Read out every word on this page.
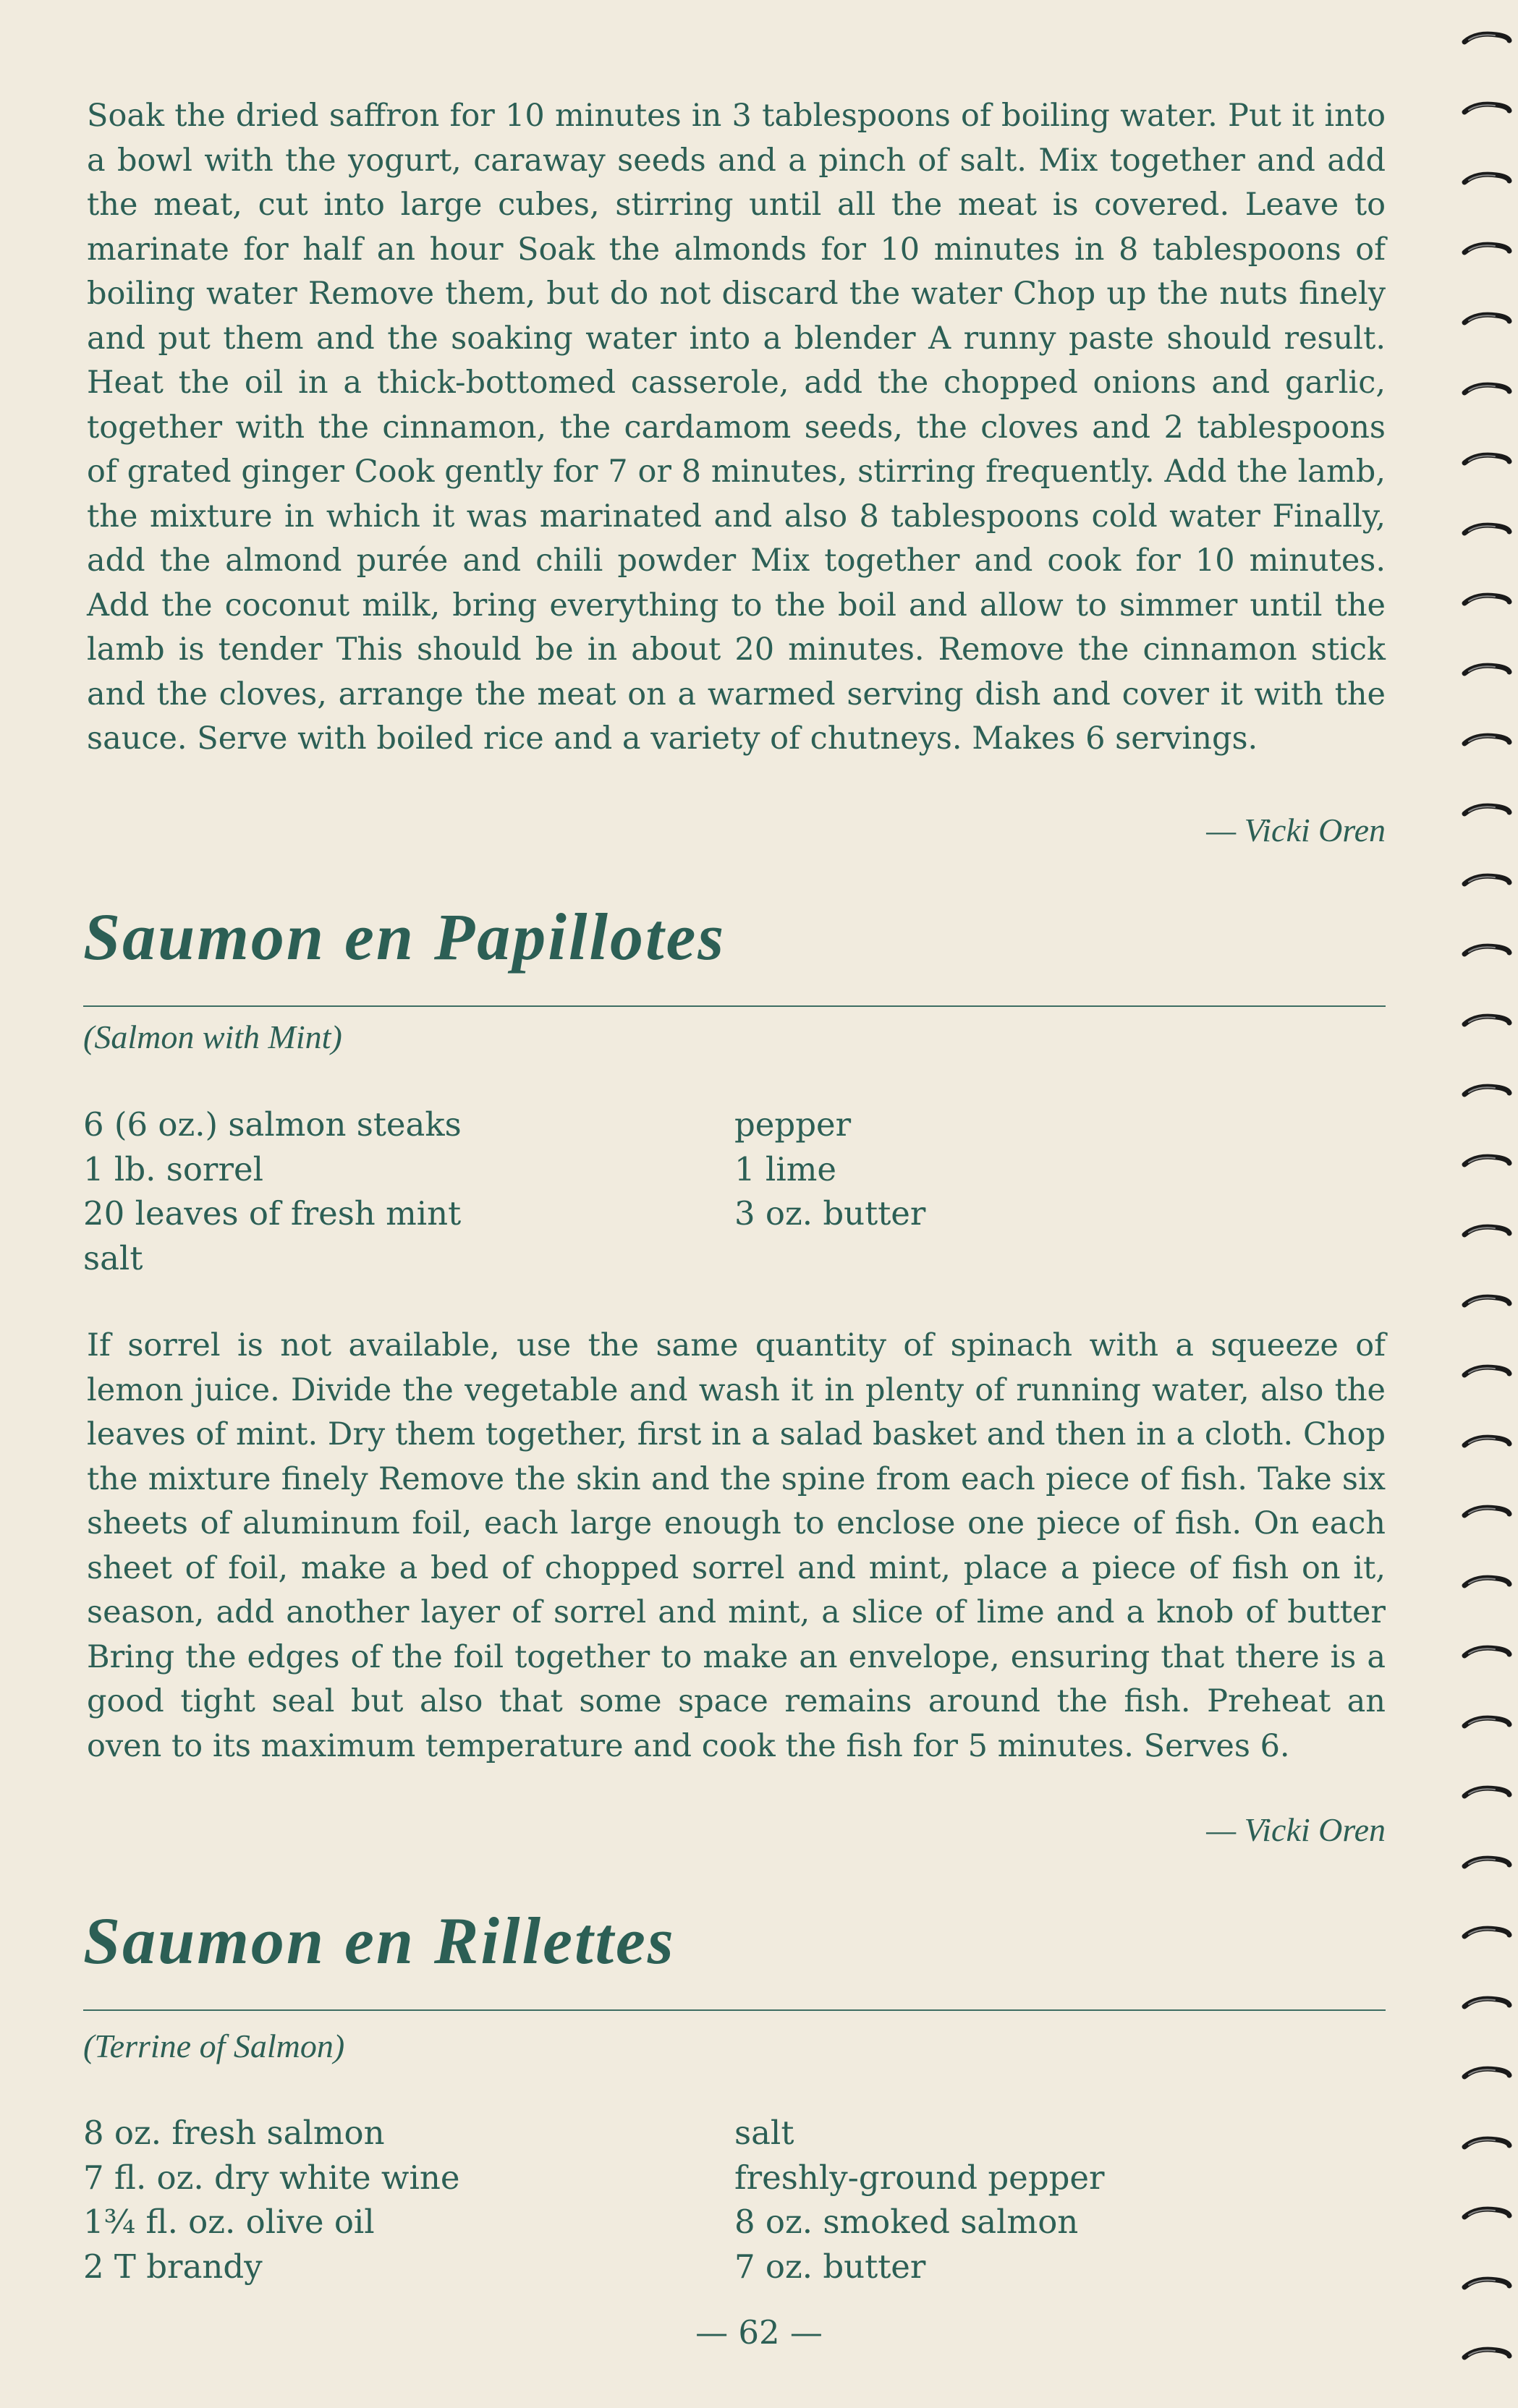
Soak the dried saffron for 10 minutes in 3 tablespoons of boiling water. Put it into a bowl with the yogurt, caraway seeds and a pinch of salt. Mix together and add the meat, cut into large cubes, stirring until all the meat is covered. Leave to marinate for half an hour Soak the almonds for 10 minutes in 8 tablespoons of boiling water Remove them, but do not discard the water Chop up the nuts finely and put them and the soaking water into a blender A runny paste should result. Heat the oil in a thick-bottomed casserole, add the chopped onions and garlic, together with the cinnamon, the cardamom seeds, the cloves and 2 tablespoons of grated ginger Cook gently for 7 or 8 minutes, stirring frequently. Add the lamb, the mixture in which it was marinated and also 8 tablespoons cold water Finally, add the almond purée and chili powder Mix together and cook for 10 minutes. Add the coconut milk, bring everything to the boil and allow to simmer until the lamb is tender This should be in about 20 minutes. Remove the cinnamon stick and the cloves, arrange the meat on a warmed serving dish and cover it with the sauce. Serve with boiled rice and a variety of chutneys. Makes 6 servings.

— Vicki Oren

Saumon en Papillotes

(Salmon with Mint)

6 (6 oz.) salmon steaks
1 lb. sorrel
20 leaves of fresh mint
salt
pepper
1 lime
3 oz. butter

If sorrel is not available, use the same quantity of spinach with a squeeze of lemon juice. Divide the vegetable and wash it in plenty of running water, also the leaves of mint. Dry them together, first in a salad basket and then in a cloth. Chop the mixture finely Remove the skin and the spine from each piece of fish. Take six sheets of aluminum foil, each large enough to enclose one piece of fish. On each sheet of foil, make a bed of chopped sorrel and mint, place a piece of fish on it, season, add another layer of sorrel and mint, a slice of lime and a knob of butter Bring the edges of the foil together to make an envelope, ensuring that there is a good tight seal but also that some space remains around the fish. Preheat an oven to its maximum temperature and cook the fish for 5 minutes. Serves 6.

— Vicki Oren

Saumon en Rillettes

(Terrine of Salmon)

8 oz. fresh salmon
7 fl. oz. dry white wine
1¾ fl. oz. olive oil
2 T brandy
salt
freshly-ground pepper
8 oz. smoked salmon
7 oz. butter

— 62 —
